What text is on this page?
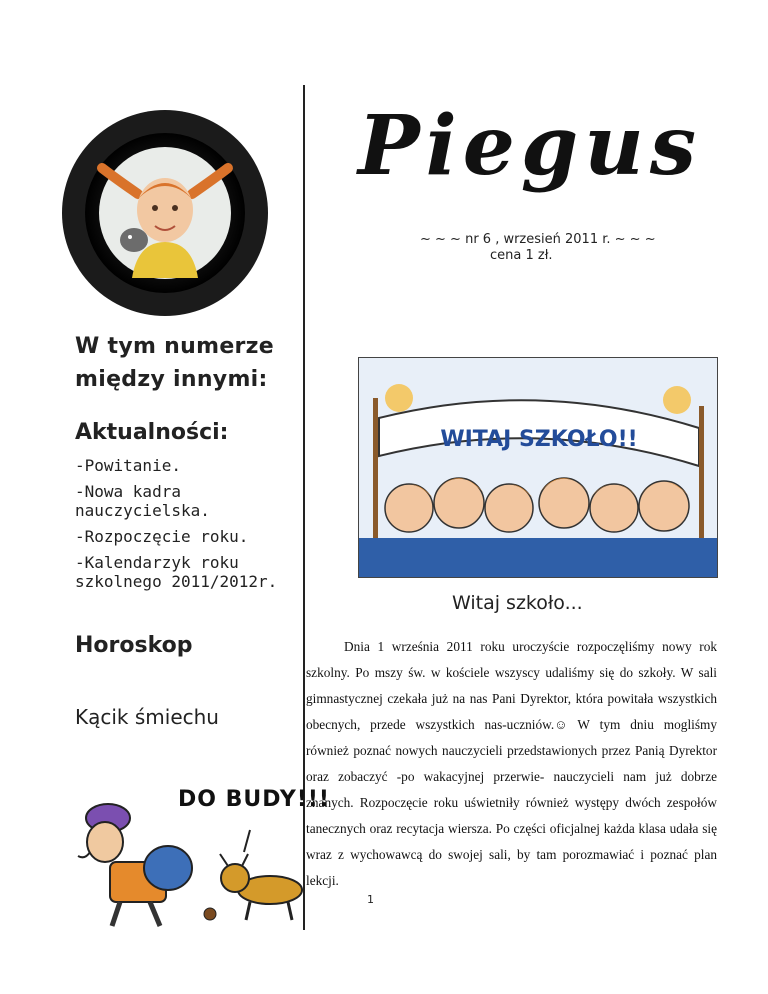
Piegus
~ ~ ~ nr 6 , wrzesień 2011 r. ~ ~ ~
cena 1 zł.
W tym numerze
między innymi:
Aktualności:
-Powitanie.
-Nowa kadra nauczycielska.
-Rozpoczęcie roku.
-Kalendarzyk roku szkolnego 2011/2012r.
Horoskop
Kącik śmiechu
DO BUDY!!!
WITAJ SZKOŁO!!
Witaj szkoło...

Dnia 1 września 2011 roku uroczyście rozpoczęliśmy nowy rok szkolny. Po mszy św. w kościele wszyscy udaliśmy się do szkoły. W sali gimnastycznej czekała już na nas Pani Dyrektor, która powitała wszystkich obecnych, przede wszystkich nas-uczniów.☺ W tym dniu mogliśmy również poznać nowych nauczycieli przedstawionych przez Panią Dyrektor oraz zobaczyć -po wakacyjnej przerwie- nauczycieli nam już dobrze znanych. Rozpoczęcie roku uświetniły również występy dwóch zespołów tanecznych oraz recytacja wiersza. Po części oficjalnej każda klasa udała się wraz z wychowawcą do swojej sali, by tam porozmawiać i poznać plan lekcji.

1
